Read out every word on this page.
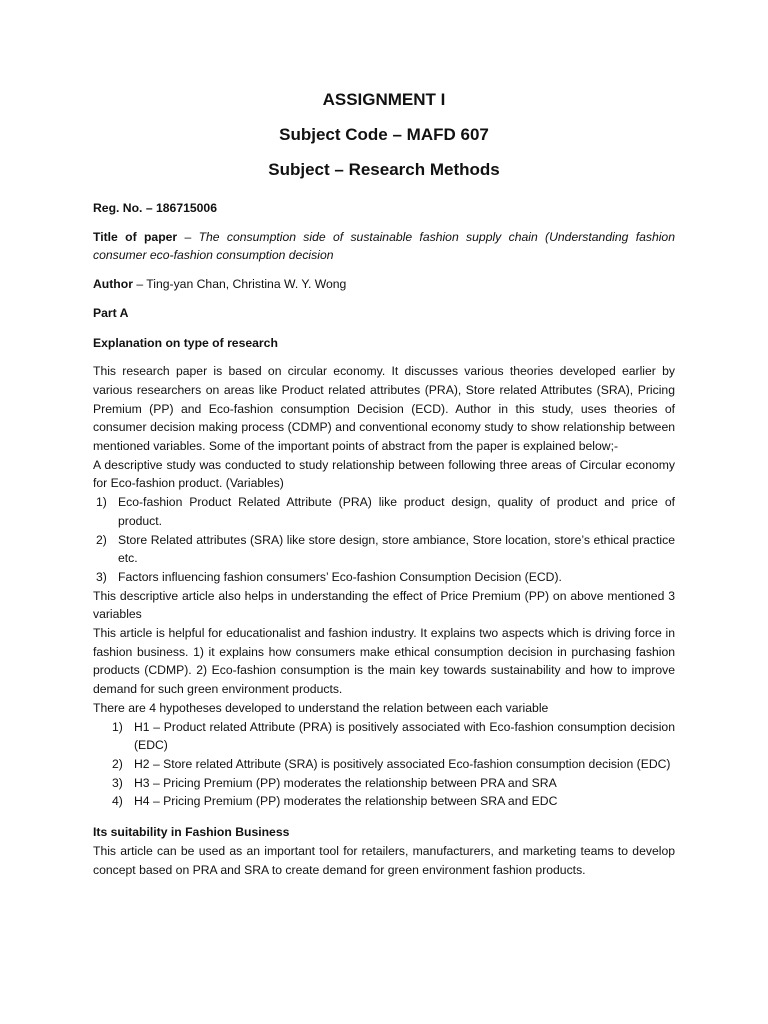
ASSIGNMENT I

Subject Code – MAFD 607

Subject – Research Methods

Reg. No. – 186715006

Title of paper – The consumption side of sustainable fashion supply chain (Understanding fashion consumer eco-fashion consumption decision

Author – Ting-yan Chan, Christina W. Y. Wong

Part A

Explanation on type of research

This research paper is based on circular economy. It discusses various theories developed earlier by various researchers on areas like Product related attributes (PRA), Store related Attributes (SRA), Pricing Premium (PP) and Eco-fashion consumption Decision (ECD). Author in this study, uses theories of consumer decision making process (CDMP) and conventional economy study to show relationship between mentioned variables. Some of the important points of abstract from the paper is explained below;-

A descriptive study was conducted to study relationship between following three areas of Circular economy for Eco-fashion product. (Variables)

1) Eco-fashion Product Related Attribute (PRA) like product design, quality of product and price of product.
2) Store Related attributes (SRA) like store design, store ambiance, Store location, store’s ethical practice etc.
3) Factors influencing fashion consumers’ Eco-fashion Consumption Decision (ECD).

This descriptive article also helps in understanding the effect of Price Premium (PP) on above mentioned 3 variables

This article is helpful for educationalist and fashion industry. It explains two aspects which is driving force in fashion business. 1) it explains how consumers make ethical consumption decision in purchasing fashion products (CDMP). 2) Eco-fashion consumption is the main key towards sustainability and how to improve demand for such green environment products.

There are 4 hypotheses developed to understand the relation between each variable

1) H1 – Product related Attribute (PRA) is positively associated with Eco-fashion consumption decision (EDC)
2) H2 – Store related Attribute (SRA) is positively associated Eco-fashion consumption decision (EDC)
3) H3 – Pricing Premium (PP) moderates the relationship between PRA and SRA
4) H4 – Pricing Premium (PP) moderates the relationship between SRA and EDC

Its suitability in Fashion Business

This article can be used as an important tool for retailers, manufacturers, and marketing teams to develop concept based on PRA and SRA to create demand for green environment fashion products.
